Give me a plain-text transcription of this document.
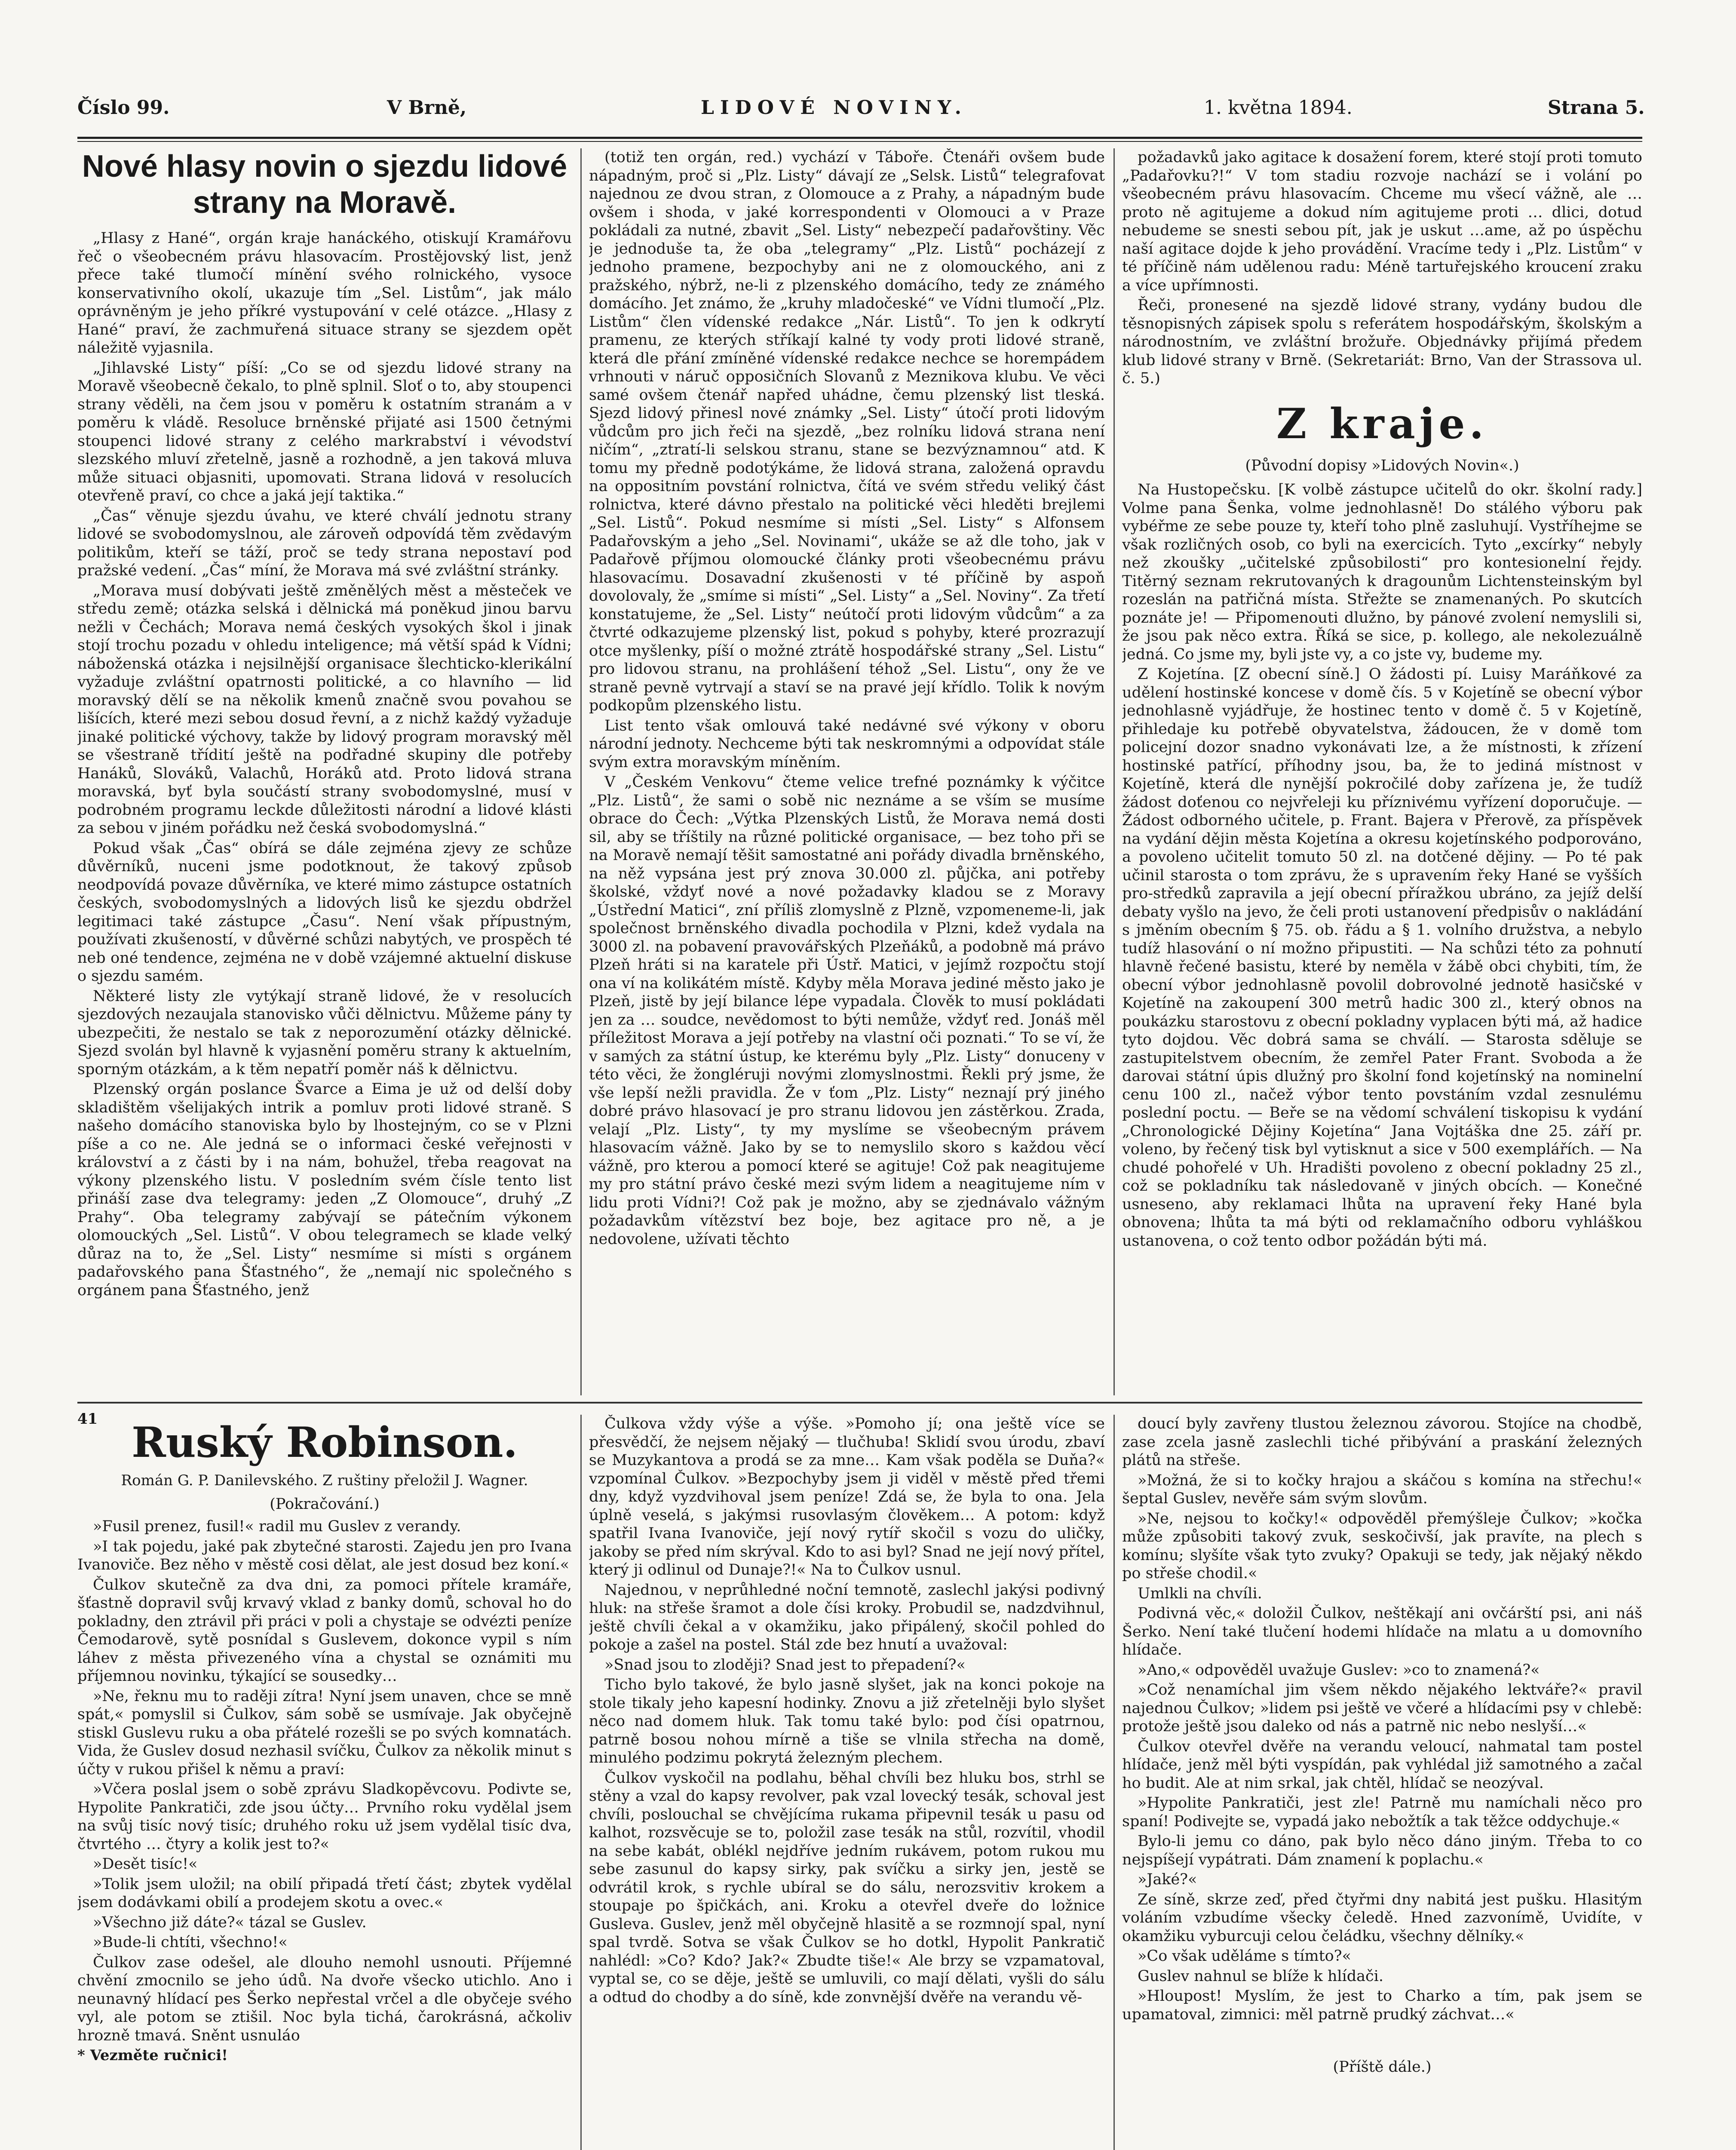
Číslo 99.	V Brně,	LIDOVÉ NOVINY.	1. května 1894.	Strana 5.
Nové hlasy novin o sjezdu lidové strany na Moravě.

„Hlasy z Hané“, orgán kraje hanáckého, otiskují Kramářovu řeč o všeobecném právu hlasovacím. Prostějovský list, jenž přece také tlumočí mínění svého rolnického, vysoce konservativního okolí, ukazuje tím „Sel. Listům“, jak málo oprávněným je jeho příkré vystupování v celé otázce. „Hlasy z Hané“ praví, že zachmuřená situace strany se sjezdem opět náležitě vyjasnila.

„Jihlavské Listy“ píší: „Co se od sjezdu lidové strany na Moravě všeobecně čekalo, to plně splnil. Sloť o to, aby stoupenci strany věděli, na čem jsou v poměru k ostatním stranám a v poměru k vládě. Resoluce brněnské přijaté asi 1500 četnými stoupenci lidové strany z celého markrabství i vévodství slezského mluví zřetelně, jasně a rozhodně, a jen taková mluva může situaci objasniti, upomovati. Strana lidová v resolucích otevřeně praví, co chce a jaká její taktika.“

„Čas“ věnuje sjezdu úvahu, ve které chválí jednotu strany lidové se svobodomyslnou, ale zároveň odpovídá těm zvědavým politikům, kteří se táží, proč se tedy strana nepostaví pod pražské vedení. „Čas“ míní, že Morava má své zvláštní stránky.

„Morava musí dobývati ještě změnělých měst a městeček ve středu země; otázka selská i dělnická má poněkud jinou barvu nežli v Čechách; Morava nemá českých vysokých škol i jinak stojí trochu pozadu v ohledu inteligence; má větší spád k Vídni; náboženská otázka i nejsilnější organisace šlechticko-klerikální vyžaduje zvláštní opatrnosti politické, a co hlavního — lid moravský dělí se na několik kmenů značně svou povahou se lišících, které mezi sebou dosud řevní, a z nichž každý vyžaduje jinaké politické výchovy, takže by lidový program moravský měl se všestraně třídití ještě na podřadné skupiny dle potřeby Hanáků, Slováků, Valachů, Horáků atd. Proto lidová strana moravská, byť byla součástí strany svobodomyslné, musí v podrobném programu leckde důležitosti národní a lidové klásti za sebou v jiném pořádku než česká svobodomyslná.“

Pokud však „Čas“ obírá se dále zejména zjevy ze schůze důvěrníků, nuceni jsme podotknout, že takový způsob neodpovídá povaze důvěrníka, ve které mimo zástupce ostatních českých, svobodomyslných a lidových lisů ke sjezdu obdržel legitimaci také zástupce „Času“. Není však přípustným, používati zkušeností, v důvěrné schůzi nabytých, ve prospěch té neb oné tendence, zejména ne v době vzájemné aktuelní diskuse o sjezdu samém.

Některé listy zle vytýkají straně lidové, že v resolucích sjezdových nezaujala stanovisko vůči dělnictvu. Můžeme pány ty ubezpečiti, že nestalo se tak z neporozumění otázky dělnické. Sjezd svolán byl hlavně k vyjasnění poměru strany k aktuelním, sporným otázkám, a k těm nepatří poměr náš k dělnictvu.

Plzenský orgán poslance Švarce a Eima je už od delší doby skladištěm všelijakých intrik a pomluv proti lidové straně. S našeho domácího stanoviska bylo by lhostejným, co se v Plzni píše a co ne. Ale jedná se o informaci české veřejnosti v království a z části by i na nám, bohužel, třeba reagovat na výkony plzenského listu. V posledním svém čísle tento list přináší zase dva telegramy: jeden „Z Olomouce“, druhý „Z Prahy“. Oba telegramy zabývají se pátečním výkonem olomouckých „Sel. Listů“. V obou telegramech se klade velký důraz na to, že „Sel. Listy“ nesmíme si místi s orgánem padařovského pana Šťastného“, že „nemají nic společného s orgánem pana Šťastného, jenž

(totiž ten orgán, red.) vychází v Táboře. Čtenáři ovšem bude nápadným, proč si „Plz. Listy“ dávají ze „Selsk. Listů“ telegrafovat najednou ze dvou stran, z Olomouce a z Prahy, a nápadným bude ovšem i shoda, v jaké korrespondenti v Olomouci a v Praze pokládali za nutné, zbavit „Sel. Listy“ nebezpečí padařovštiny. Věc je jednoduše ta, že oba „telegramy“ „Plz. Listů“ pocházejí z jednoho pramene, bezpochyby ani ne z olomouckého, ani z pražského, nýbrž, ne-li z plzenského domácího, tedy ze známého domácího. Jet známo, že „kruhy mladočeské“ ve Vídni tlumočí „Plz. Listům“ člen vídenské redakce „Nár. Listů“. To jen k odkrytí pramenu, ze kterých stříkají kalné ty vody proti lidové straně, která dle přání zmíněné vídenské redakce nechce se horempádem vrhnouti v náruč opposičních Slovanů z Meznikova klubu. Ve věci samé ovšem čtenář napřed uhádne, čemu plzenský list tleská. Sjezd lidový přinesl nové známky „Sel. Listy“ útočí proti lidovým vůdcům pro jich řeči na sjezdě, „bez rolníku lidová strana není ničím“, „ztratí-li selskou stranu, stane se bezvýznamnou“ atd. K tomu my předně podotýkáme, že lidová strana, založená opravdu na oppositním povstání rolnictva, čítá ve svém středu veliký část rolnictva, které dávno přestalo na politické věci hleděti brejlemi „Sel. Listů“. Pokud nesmíme si místi „Sel. Listy“ s Alfonsem Padařovským a jeho „Sel. Novinami“, ukáže se až dle toho, jak v Padařově příjmou olomoucké články proti všeobecnému právu hlasovacímu. Dosavadní zkušenosti v té příčině by aspoň dovolovaly, že „smíme si místi“ „Sel. Listy“ a „Sel. Noviny“. Za třetí konstatujeme, že „Sel. Listy“ neútočí proti lidovým vůdcům“ a za čtvrté odkazujeme plzenský list, pokud s pohyby, které prozrazují otce myšlenky, píší o možné ztrátě hospodářské strany „Sel. Listu“ pro lidovou stranu, na prohlášení téhož „Sel. Listu“, ony že ve straně pevně vytrvají a staví se na pravé její křídlo. Tolik k novým podkopům plzenského listu.

List tento však omlouvá také nedávné své výkony v oboru národní jednoty. Nechceme býti tak neskromnými a odpovídat stále svým extra moravským míněním.

V „Českém Venkovu“ čteme velice trefné poznámky k výčitce „Plz. Listů“, že sami o sobě nic neznáme a se vším se musíme obrace do Čech: „Výtka Plzenských Listů, že Morava nemá dosti sil, aby se tříštily na různé politické organisace, — bez toho při se na Moravě nemají těšit samostatné ani pořády divadla brněnského, na něž vypsána jest prý znova 30.000 zl. půjčka, ani potřeby školské, vždyť nové a nové požadavky kladou se z Moravy „Ústřední Matici“, zní příliš zlomyslně z Plzně, vzpomeneme-li, jak společnost brněnského divadla pochodila v Plzni, kdež vydala na 3000 zl. na pobavení pravovářských Plzeňáků, a podobně má právo Plzeň hráti si na karatele při Ústř. Matici, v jejímž rozpočtu stojí ona ví na kolikátém místě. Kdyby měla Morava jediné město jako je Plzeň, jistě by její bilance lépe vypadala. Člověk to musí pokládati jen za … soudce, nevědomost to býti nemůže, vždyť red. Jonáš měl příležitost Morava a její potřeby na vlastní oči poznati.“ To se ví, že v samých za státní ústup, ke kterému byly „Plz. Listy“ donuceny v této věci, že žongléruji novými zlomyslnostmi. Řekli prý jsme, že vše lepší nežli pravidla. Že v ťom „Plz. Listy“ neznají prý jiného dobré právo hlasovací je pro stranu lidovou jen zástěrkou. Zrada, velají „Plz. Listy“, ty my myslíme se všeobecným právem hlasovacím vážně. Jako by se to nemyslilo skoro s každou věcí vážně, pro kterou a pomocí které se agituje! Což pak neagitujeme my pro státní právo české mezi svým lidem a neagitujeme ním v lidu proti Vídni?! Což pak je možno, aby se zjednávalo vážným požadavkům vítězství bez boje, bez agitace pro ně, a je nedovolene, užívati těchto

požadavků jako agitace k dosažení forem, které stojí proti tomuto „Padařovku?!“ V tom stadiu rozvoje nachází se i volání po všeobecném právu hlasovacím. Chceme mu všecí vážně, ale … proto ně agitujeme a dokud ním agitujeme proti … dlici, dotud nebudeme se snesti sebou pít, jak je uskut …ame, až po úspěchu naší agitace dojde k jeho provádění. Vracíme tedy i „Plz. Listům“ v té příčině nám udělenou radu: Méně tartuřejského kroucení zraku a více upřímnosti.

Řeči, pronesené na sjezdě lidové strany, vydány budou dle těsnopisných zápisek spolu s referátem hospodářským, školským a národnostním, ve zvláštní brožuře. Objednávky přijímá předem klub lidové strany v Brně. (Sekretariát: Brno, Van der Strassova ul. č. 5.)

Z kraje.
(Původní dopisy »Lidových Novin«.)

Na Hustopečsku. [K volbě zástupce učitelů do okr. školní rady.] Volme pana Šenka, volme jednohlasně! Do stálého výboru pak vybéřme ze sebe pouze ty, kteří toho plně zasluhují. Vystříhejme se však rozličných osob, co byli na exercicích. Tyto „excírky“ nebyly než zkoušky „učitelské způsobilosti“ pro kontesionelní řejdy. Titěrný seznam rekrutovaných k dragounům Lichtensteinským byl rozeslán na patřičná místa. Střežte se znamenaných. Po skutcích poznáte je! — Připomenouti dlužno, by pánové zvolení nemyslili si, že jsou pak něco extra. Říká se sice, p. kollego, ale nekolezuálně jedná. Co jsme my, byli jste vy, a co jste vy, budeme my.

Z Kojetína. [Z obecní síně.] O žádosti pí. Luisy Maráňkové za udělení hostinské koncese v domě čís. 5 v Kojetíně se obecní výbor jednohlasně vyjádřuje, že hostinec tento v domě č. 5 v Kojetíně, přihledaje ku potřebě obyvatelstva, žádoucen, že v domě tom policejní dozor snadno vykonávati lze, a že místnosti, k zřízení hostinské patřící, příhodny jsou, ba, že to jediná místnost v Kojetíně, která dle nynější pokročilé doby zařízena je, že tudíž žádost doťenou co nejvřeleji ku příznivému vyřízení doporučuje. — Žádost odborného učitele, p. Frant. Bajera v Přerově, za příspěvek na vydání dějin města Kojetína a okresu kojetínského podporováno, a povoleno učitelit tomuto 50 zl. na dotčené dějiny. — Po té pak učinil starosta o tom zprávu, že s upravením řeky Hané se vyšších pro-středků zapravila a její obecní příražkou ubráno, za jejíž delší debaty vyšlo na jevo, že čeli proti ustanovení předpisův o nakládání s jměním obecním § 75. ob. řádu a § 1. volního družstva, a nebylo tudíž hlasování o ní možno připustiti. — Na schůzi této za pohnutí hlavně řečené basistu, které by neměla v žábě obci chybiti, tím, že obecní výbor jednohlasně povolil dobrovolné jednotě hasičské v Kojetíně na zakoupení 300 metrů hadic 300 zl., který obnos na poukázku starostovu z obecní pokladny vyplacen býti má, až hadice tyto dojdou. Věc dobrá sama se chválí. — Starosta sděluje se zastupitelstvem obecním, že zemřel Pater Frant. Svoboda a že darovai státní úpis dlužný pro školní fond kojetínský na nominelní cenu 100 zl., načež výbor tento povstáním vzdal zesnulému poslední poctu. — Beře se na vědomí schválení tiskopisu k vydání „Chronologické Dějiny Kojetína“ Jana Vojtáška dne 25. září pr. voleno, by řečený tisk byl vytisknut a sice v 500 exemplářích. — Na chudé pohořelé v Uh. Hradišti povoleno z obecní pokladny 25 zl., což se pokladníku tak následovaně v jiných obcích. — Konečné usneseno, aby reklamaci lhůta na upravení řeky Hané byla obnovena; lhůta ta má býti od reklamačního odboru vyhláškou ustanovena, o což tento odbor požádán býti má.

41 Ruský Robinson.
Román G. P. Danilevského. Z ruštiny přeložil J. Wagner.
(Pokračování.)

»Fusil prenez, fusil!« radil mu Guslev z verandy.

»I tak pojedu, jaké pak zbytečné starosti. Zajedu jen pro Ivana Ivanoviče. Bez něho v městě cosi dělat, ale jest dosud bez koní.«

Čulkov skutečně za dva dni, za pomoci přítele kramáře, šťastně dopravil svůj krvavý vklad z banky domů, schoval ho do pokladny, den ztrávil při práci v poli a chystaje se odvézti peníze Čemodarově, sytě posnídal s Guslevem, dokonce vypil s ním láhev z města přivezeného vína a chystal se oznámiti mu příjemnou novinku, týkající se sousedky…

»Ne, řeknu mu to raději zítra! Nyní jsem unaven, chce se mně spát,« pomyslil si Čulkov, sám sobě se usmívaje. Jak obyčejně stiskl Guslevu ruku a oba přátelé rozešli se po svých komnatách. Vida, že Guslev dosud nezhasil svíčku, Čulkov za několik minut s účty v rukou přišel k němu a praví:

»Včera poslal jsem o sobě zprávu Sladkopěvcovu. Podivte se, Hypolite Pankratiči, zde jsou účty… Prvního roku vydělal jsem na svůj tisíc nový tisíc; druhého roku už jsem vydělal tisíc dva, čtvrtého … čtyry a kolik jest to?«

»Desět tisíc!«

»Tolik jsem uložil; na obilí připadá třetí část; zbytek vydělal jsem dodávkami obilí a prodejem skotu a ovec.«

»Všechno již dáte?« tázal se Guslev.

»Bude-li chtíti, všechno!«

Čulkov zase odešel, ale dlouho nemohl usnouti. Příjemné chvění zmocnilo se jeho údů. Na dvoře všecko utichlo. Ano i neunavný hlídací pes Šerko nepřestal vrčel a dle obyčeje svého vyl, ale potom se ztišil. Noc byla tichá, čarokrásná, ačkoliv hrozně tmavá. Sněnt usnuláo

* Vezměte ručnici!

Čulkova vždy výše a výše. »Pomoho jí; ona ještě více se přesvědčí, že nejsem nějaký — tlučhuba! Sklidí svou úrodu, zbaví se Muzykantova a prodá se za mne… Kam však poděla se Duňa?« vzpomínal Čulkov. »Bezpochyby jsem ji viděl v městě před třemi dny, když vyzdvihoval jsem peníze! Zdá se, že byla to ona. Jela úplně veselá, s jakýmsi rusovlasým člověkem… A potom: když spatřil Ivana Ivanoviče, její nový rytíř skočil s vozu do uličky, jakoby se před ním skrýval. Kdo to asi byl? Snad ne její nový přítel, který ji odlinul od Dunaje?!« Na to Čulkov usnul.

Najednou, v neprůhledné noční temnotě, zaslechl jakýsi podivný hluk: na střeše šramot a dole čísi kroky. Probudil se, nadzdvihnul, ještě chvíli čekal a v okamžiku, jako připálený, skočil pohled do pokoje a zašel na postel. Stál zde bez hnutí a uvažoval:

»Snad jsou to zloději? Snad jest to přepadení?«

Ticho bylo takové, že bylo jasně slyšet, jak na konci pokoje na stole tikaly jeho kapesní hodinky. Znovu a již zřetelněji bylo slyšet něco nad domem hluk. Tak tomu také bylo: pod čísi opatrnou, patrně bosou nohou mírně a tiše se vlnila střecha na domě, minulého podzimu pokrytá železným plechem.

Čulkov vyskočil na podlahu, běhal chvíli bez hluku bos, strhl se stěny a vzal do kapsy revolver, pak vzal lovecký tesák, schoval jest chvíli, poslouchal se chvějícíma rukama připevnil tesák u pasu od kalhot, rozsvěcuje se to, položil zase tesák na stůl, rozvítil, vhodil na sebe kabát, oblékl nejdříve jedním rukávem, potom rukou mu sebe zasunul do kapsy sirky, pak svíčku a sirky jen, jestě se odvrátil krok, s rychle ubíral se do sálu, nerozsvitiv krokem a stoupaje po špičkách, ani. Kroku a otevřel dveře do ložnice Gusleva. Guslev, jenž měl obyčejně hlasitě a se rozmnojí spal, nyní spal tvrdě. Sotva se však Čulkov se ho dotkl, Hypolit Pankratič nahlédl: »Co? Kdo? Jak?« Zbudte tiše!« Ale brzy se vzpamatoval, vyptal se, co se děje, ještě se umluvili, co mají dělati, vyšli do sálu a odtud do chodby a do síně, kde zonvnější dvěře na verandu vě-

doucí byly zavřeny tlustou železnou závorou. Stojíce na chodbě, zase zcela jasně zaslechli tiché přibývání a praskání železných plátů na střeše.

»Možná, že si to kočky hrajou a skáčou s komína na střechu!« šeptal Guslev, nevěře sám svým slovům.

»Ne, nejsou to kočky!« odpověděl přemýšleje Čulkov; »kočka může způsobiti takový zvuk, seskočivší, jak pravíte, na plech s komínu; slyšíte však tyto zvuky? Opakuji se tedy, jak nějaký někdo po střeše chodil.«

Umlkli na chvíli.

Podivná věc,« doložil Čulkov, neštěkají ani ovčárští psi, ani náš Šerko. Není také tlučení hodemi hlídače na mlatu a u domovního hlídače.

»Ano,« odpověděl uvažuje Guslev: »co to znamená?«

»Což nenamíchal jim všem někdo nějakého lektváře?« pravil najednou Čulkov; »lidem psi ještě ve včeré a hlídacími psy v chlebě: protože ještě jsou daleko od nás a patrně nic nebo neslyší…«

Čulkov otevřel dvěře na verandu veloucí, nahmatal tam postel hlídače, jenž měl býti vyspídán, pak vyhlédal již samotného a začal ho budit. Ale at nim srkal, jak chtěl, hlídač se neozýval.

»Hypolite Pankratiči, jest zle! Patrně mu namíchali něco pro spaní! Podivejte se, vypadá jako nebožtík a tak těžce oddychuje.«

Bylo-li jemu co dáno, pak bylo něco dáno jiným. Třeba to co nejspíšejí vypátrati. Dám znamení k poplachu.«

»Jaké?«

Ze síně, skrze zeď, před čtyřmi dny nabitá jest pušku. Hlasitým voláním vzbudíme všecky čeledě. Hned zazvonímě, Uvidíte, v okamžiku vyburcuji celou čeládku, všechny dělníky.«

»Co však uděláme s tímto?«

Guslev nahnul se blíže k hlídači.

»Hloupost! Myslím, že jest to Charko a tím, pak jsem se upamatoval, zimnici: měl patrně prudký záchvat…«

(Příště dále.)
